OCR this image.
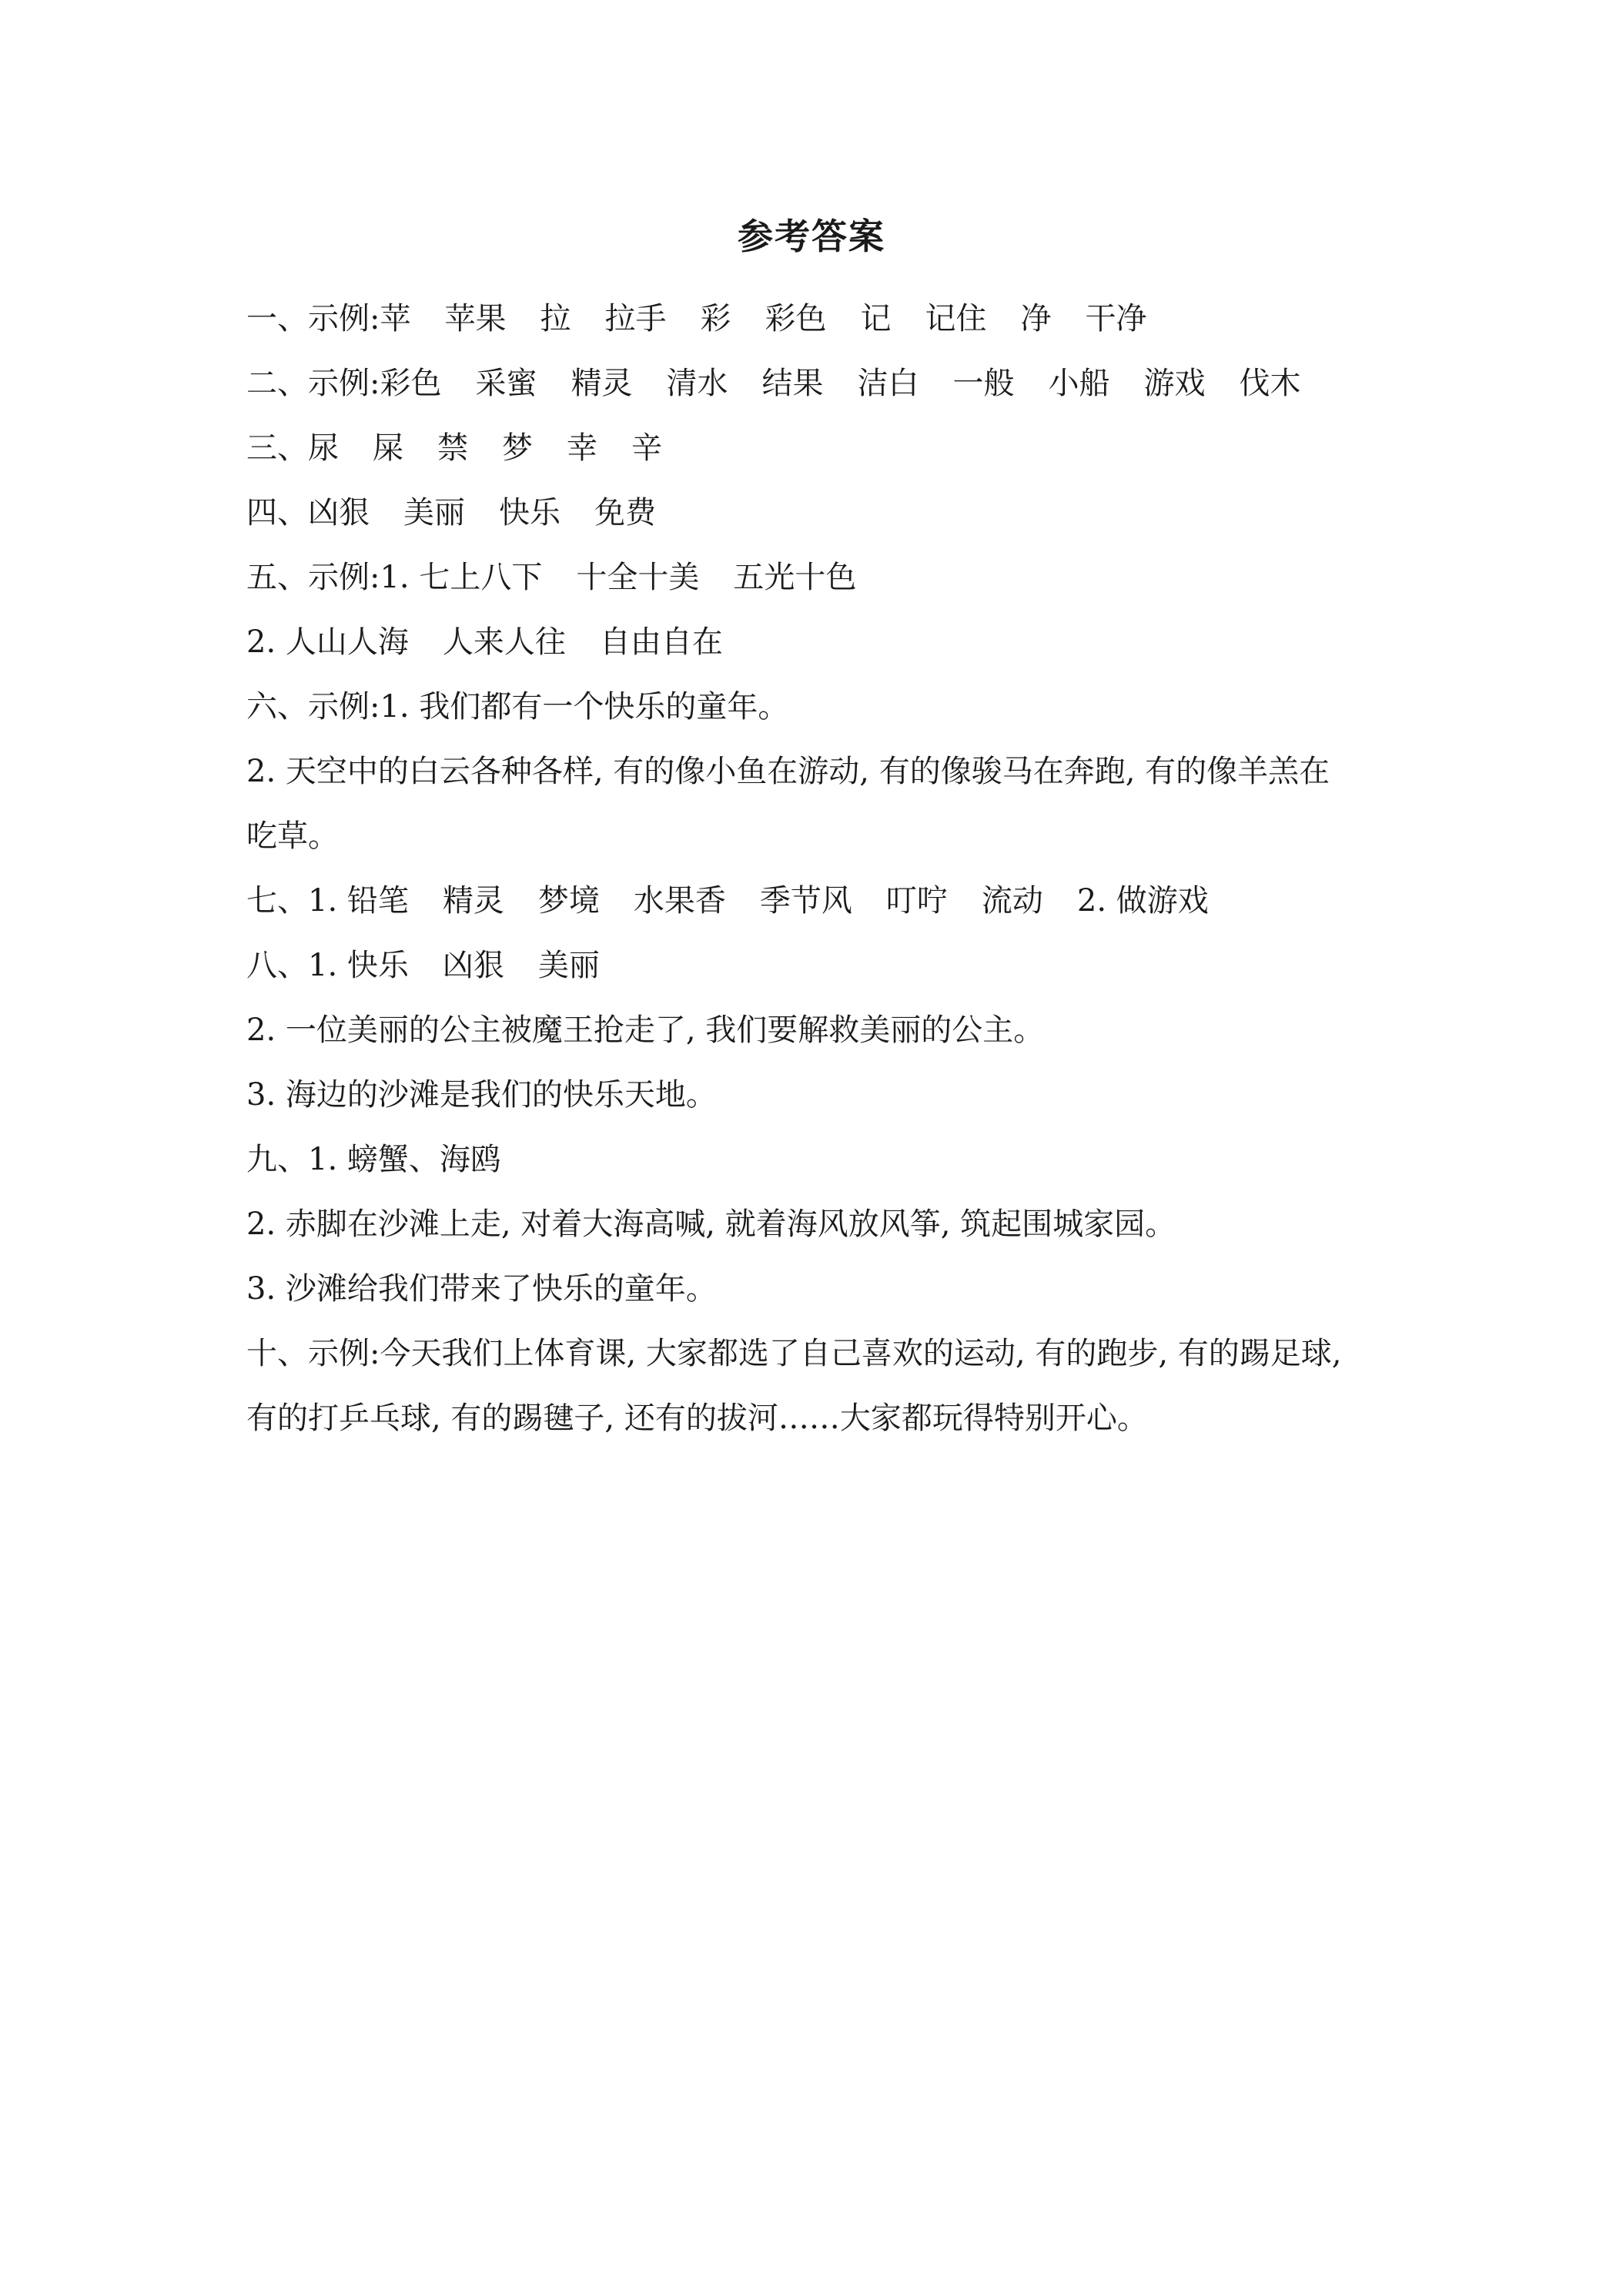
参考答案
一、示例:苹 苹果 拉 拉手 彩 彩色 记 记住 净 干净
二、示例:彩色 采蜜 精灵 清水 结果 洁白 一般 小船 游戏 伐木
三、尿 屎 禁 梦 幸 辛
四、凶狠 美丽 快乐 免费
五、示例:1. 七上八下 十全十美 五光十色
2. 人山人海 人来人往 自由自在
六、示例:1. 我们都有一个快乐的童年。
2. 天空中的白云各种各样, 有的像小鱼在游动, 有的像骏马在奔跑, 有的像羊羔在
吃草。
七、1. 铅笔 精灵 梦境 水果香 季节风 叮咛 流动 2. 做游戏
八、1. 快乐 凶狠 美丽
2. 一位美丽的公主被魔王抢走了, 我们要解救美丽的公主。
3. 海边的沙滩是我们的快乐天地。
九、1. 螃蟹、海鸥
2. 赤脚在沙滩上走, 对着大海高喊, 就着海风放风筝, 筑起围城家园。
3. 沙滩给我们带来了快乐的童年。
十、示例:今天我们上体育课, 大家都选了自己喜欢的运动, 有的跑步, 有的踢足球,
有的打乒乓球, 有的踢毽子, 还有的拔河……大家都玩得特别开心。
